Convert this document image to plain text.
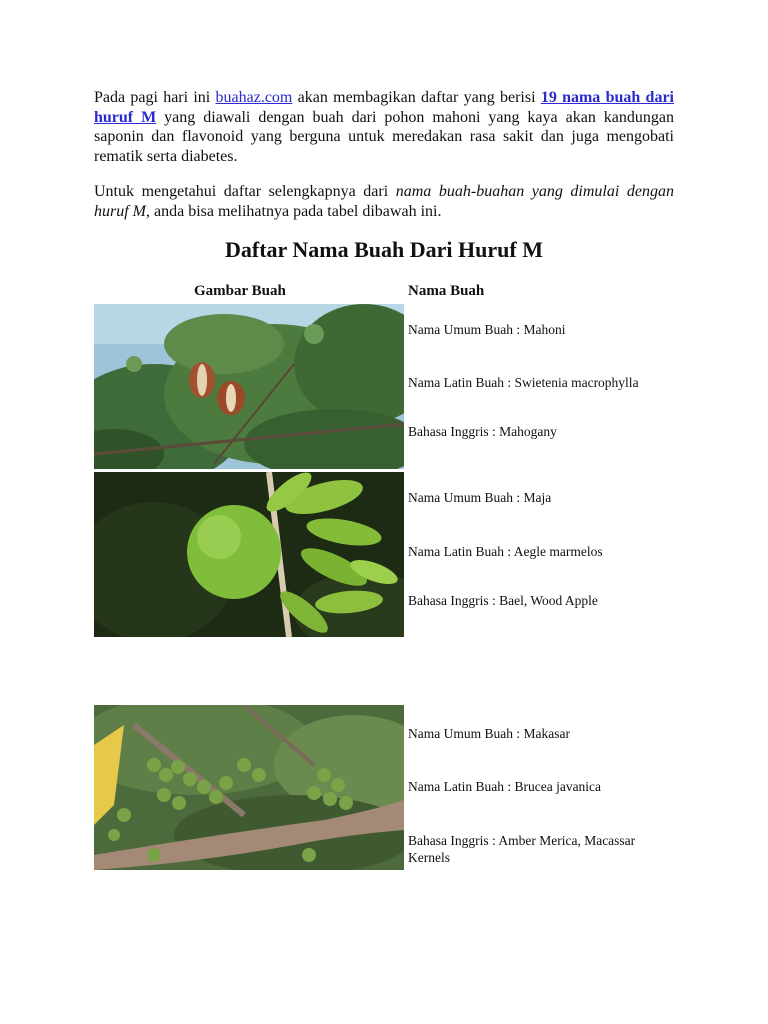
Pada pagi hari ini buahaz.com akan membagikan daftar yang berisi 19 nama buah dari huruf M yang diawali dengan buah dari pohon mahoni yang kaya akan kandungan saponin dan flavonoid yang berguna untuk meredakan rasa sakit dan juga mengobati rematik serta diabetes.

Untuk mengetahui daftar selengkapnya dari nama buah-buahan yang dimulai dengan huruf M, anda bisa melihatnya pada tabel dibawah ini.

Daftar Nama Buah Dari Huruf M
Gambar Buah	Nama Buah
Nama Umum Buah : Mahoni
Nama Latin Buah : Swietenia macrophylla
Bahasa Inggris : Mahogany
Nama Umum Buah : Maja
Nama Latin Buah : Aegle marmelos
Bahasa Inggris : Bael, Wood Apple
Nama Umum Buah : Makasar
Nama Latin Buah : Brucea javanica
Bahasa Inggris : Amber Merica, Macassar Kernels
